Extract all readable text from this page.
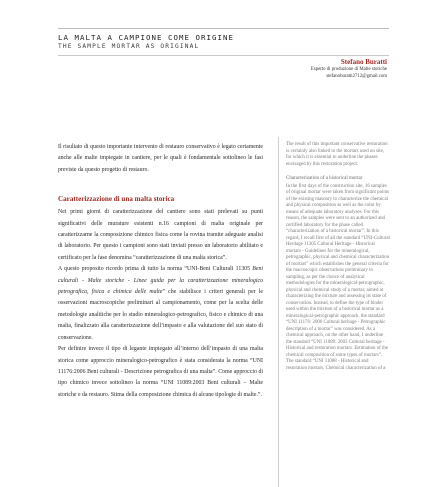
LA MALTA A CAMPIONE COME ORIGINE
THE SAMPLE MORTAR AS ORIGINAL
Stefano Buratti
Esperto di produzione di Malte storiche
stefanoburatti2712@gmail.com

Il risultato di questo importante intervento di restauro conservativo è legato certamente anche alle malte impiegate in cantiere, per le quali è fondamentale sottolineo le fasi previste da questo progetto di restauro.

Caratterizzazione di una malta storica

Nei primi giorni di caratterizzazione del cantiere sono stati prelevati su punti significativi delle murature esistenti n.16 campioni di malta originale per caratterizzarne la composizione chimico fisica come la rovina tramite adeguate analisi di laboratorio. Per questo i campioni sono stati inviati presso un laboratorio abilitato e certificato per la fase denomina “caratterizzazione di una malta storica”.

A questo proposito ricordo prima di tutto la norma “UNI-Beni Culturali 11305 Beni culturali - Malte storiche - Linee guida per la caratterizzazione mineralogico petrografica, fisica e chimica delle malte” che stabilisce i criteri generali per le osservazioni macroscopiche preliminari al campionamento, come per la scelta delle metodologie analitiche per lo studio mineralogico-petrografico, fisico e chimico di una malta, finalizzato alla caratterizzazione dell’impasto e alla valutazione del suo stato di conservazione.

Per definire invece il tipo di legante impiegato all’interno dell’impasto di una malta storica come approccio mineralogico-petrografico è stata considerata la norma “UNI 11176:2006 Beni culturali - Descrizione petrografica di una malta”. Come approccio di tipo chimico invece sottolineo la norma “UNI 11089:2003 Beni culturali – Malte storiche e da restauro. Stima della composizione chimica di alcune tipologie di malte.”.

The result of this important conservative restoration is certainly also linked to the mortars used on site, for which it is essential to underline the phases envisaged by this restoration project.

Characterization of a historical mortar

In the first days of the construction site, 16 samples of original mortar were taken from significant points of the existing masonry to characterize the chemical and physical composition as well as the color by means of adequate laboratory analyses. For this reason, the samples were sent to an authorized and certified laboratory for the phase called “characterization of a historical mortar”. In this regard, I recall first of all the standard “UNI-Cultural Heritage 11305 Cultural Heritage - Historical mortars - Guidelines for the mineralogical, petrographic, physical and chemical characterization of mortars” which establishes the general criteria for the macroscopic observations preliminary to sampling, as per the choice of analytical methodologies for the mineralogical-petrographic, physical and chemical study of a mortar, aimed at characterizing the mixture and assessing its state of conservation. Instead, to define the type of binder used within the mixture of a historical mortar as a mineralogical-petrographic approach, the standard “UNI 11176: 2006 Cultural heritage - Petrographic description of a mortar” was considered. As a chemical approach, on the other hand, I underline the standard “UNI 11089: 2003 Cultural heritage - Historical and restoration mortars. Estimation of the chemical composition of some types of mortars”. The standard “UNI 11088 - Historical and restoration mortars. Chemical characterization of a
